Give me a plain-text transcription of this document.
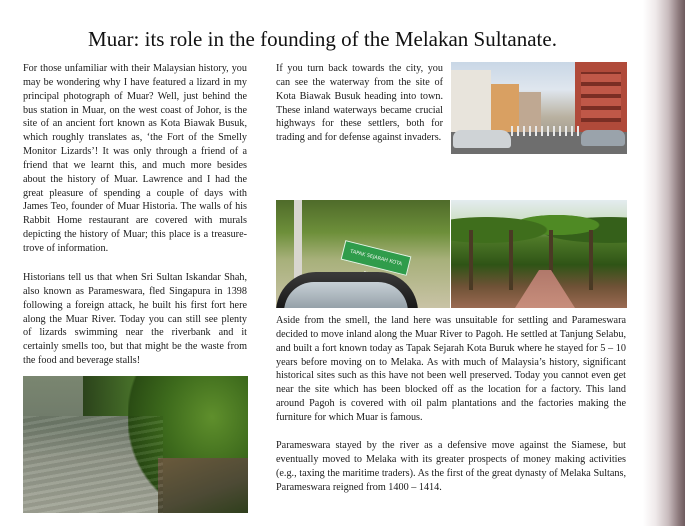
Muar: its role in the founding of the Melakan Sultanate.

For those unfamiliar with their Malaysian history, you may be wondering why I have featured a lizard in my principal photograph of Muar? Well, just behind the bus station in Muar, on the west coast of Johor, is the site of an ancient fort known as Kota Biawak Busuk, which roughly translates as, ‘the Fort of the Smelly Monitor Lizards’! It was only through a friend of a friend that we learnt this, and much more besides about the history of Muar. Lawrence and I had the great pleasure of spending a couple of days with James Teo, founder of Muar Historia. The walls of his Rabbit Home restaurant are covered with murals depicting the history of Muar; this place is a treasure-trove of information.

Historians tell us that when Sri Sultan Iskandar Shah, also known as Parameswara, fled Singapura in 1398 following a foreign attack, he built his first fort here along the Muar River. Today you can still see plenty of lizards swimming near the riverbank and it certainly smells too, but that might be the waste from the food and beverage stalls!

If you turn back towards the city, you can see the waterway from the site of Kota Biawak Busuk heading into town. These inland waterways became crucial highways for these settlers, both for trading and for defense against invaders.

Aside from the smell, the land here was unsuitable for settling and Parameswara decided to move inland along the Muar River to Pagoh. He settled at Tanjung Selabu, and built a fort known today as Tapak Sejarah Kota Buruk where he stayed for 5 – 10 years before moving on to Melaka. As with much of Malaysia’s history, significant historical sites such as this have not been well preserved. Today you cannot even get near the site which has been blocked off as the location for a factory. This land around Pagoh is covered with oil palm plantations and the factories making the furniture for which Muar is famous.

Parameswara stayed by the river as a defensive move against the Siamese, but eventually moved to Melaka with its greater prospects of money making activities (e.g., taxing the maritime traders). As the first of the great dynasty of Melaka Sultans, Parameswara reigned from 1400 – 1414.

TAPAK SEJARAH KOTA
